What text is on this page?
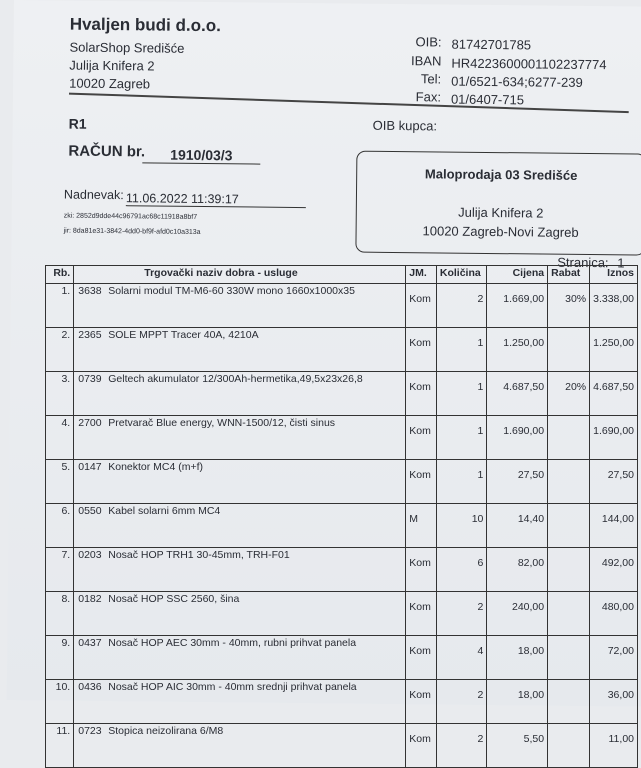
Hvaljen budi d.o.o.
SolarShop Središće
Julija Knifera 2
10020 Zagreb
OIB: 81742701785
IBAN HR4223600001102237774
Tel: 01/6521-634;6277-239
Fax: 01/6407-715
R1	OIB kupca:
RAČUN br.	1910/03/3
Nadnevak: 11.06.2022 11:39:17
zki: 2852d9dde44c96791ac68c11918a8bf7
jir: 8da81e31-3842-4dd0-bf9f-afd0c10a313a
Maloprodaja 03 Središće
Julija Knifera 2
10020 Zagreb-Novi Zagreb
Stranica: 1
Rb.	Trgovački naziv dobra - usluge	JM.	Količina	Cijena	Rabat	Iznos
1.	3638 Solarni modul TM-M6-60 330W mono 1660x1000x35	Kom	2	1.669,00	30%	3.338,00
2.	2365 SOLE MPPT Tracer 40A, 4210A	Kom	1	1.250,00		1.250,00
3.	0739 Geltech akumulator 12/300Ah-hermetika,49,5x23x26,8	Kom	1	4.687,50	20%	4.687,50
4.	2700 Pretvarač Blue energy, WNN-1500/12, čisti sinus	Kom	1	1.690,00		1.690,00
5.	0147 Konektor MC4 (m+f)	Kom	1	27,50		27,50
6.	0550 Kabel solarni 6mm MC4	M	10	14,40		144,00
7.	0203 Nosač HOP TRH1 30-45mm, TRH-F01	Kom	6	82,00		492,00
8.	0182 Nosač HOP SSC 2560, šina	Kom	2	240,00		480,00
9.	0437 Nosač HOP AEC 30mm - 40mm, rubni prihvat panela	Kom	4	18,00		72,00
10.	0436 Nosač HOP AIC 30mm - 40mm srednji prihvat panela	Kom	2	18,00		36,00
11.	0723 Stopica neizolirana 6/M8	Kom	2	5,50		11,00
